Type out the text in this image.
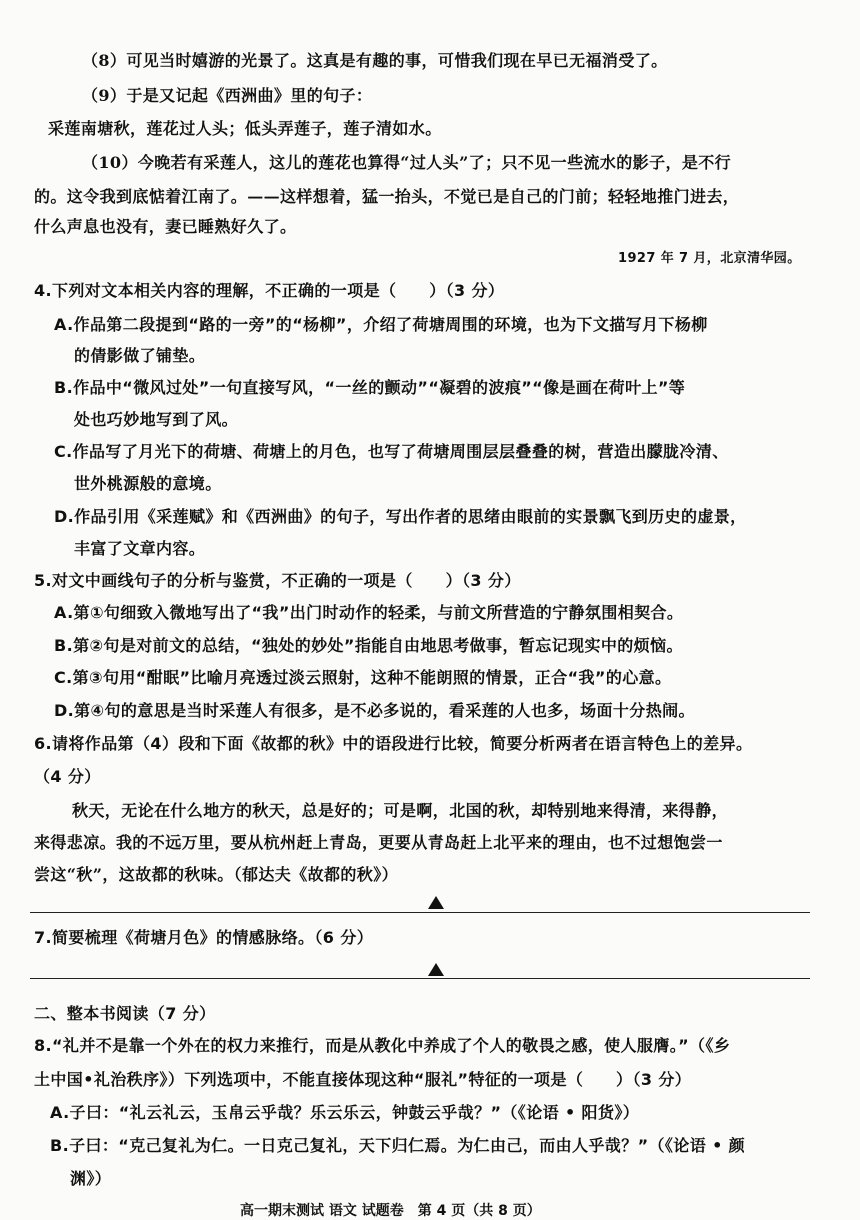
（8）可见当时嬉游的光景了。这真是有趣的事，可惜我们现在早已无福消受了。
（9）于是又记起《西洲曲》里的句子：
采莲南塘秋，莲花过人头；低头弄莲子，莲子清如水。
（10）今晚若有采莲人，这儿的莲花也算得“过人头”了；只不见一些流水的影子，是不行
的。这令我到底惦着江南了。——这样想着，猛一抬头，不觉已是自己的门前；轻轻地推门进去，
什么声息也没有，妻已睡熟好久了。
1927 年 7 月，北京清华园。
4.下列对文本相关内容的理解，不正确的一项是（　　）（3 分）
A.作品第二段提到“路的一旁”的“杨柳”，介绍了荷塘周围的环境，也为下文描写月下杨柳
的倩影做了铺垫。
B.作品中“微风过处”一句直接写风，“一丝的颤动”“凝碧的波痕”“像是画在荷叶上”等
处也巧妙地写到了风。
C.作品写了月光下的荷塘、荷塘上的月色，也写了荷塘周围层层叠叠的树，营造出朦胧冷清、
世外桃源般的意境。
D.作品引用《采莲赋》和《西洲曲》的句子，写出作者的思绪由眼前的实景飘飞到历史的虚景，
丰富了文章内容。
5.对文中画线句子的分析与鉴赏，不正确的一项是（　　）（3 分）
A.第①句细致入微地写出了“我”出门时动作的轻柔，与前文所营造的宁静氛围相契合。
B.第②句是对前文的总结，“独处的妙处”指能自由地思考做事，暂忘记现实中的烦恼。
C.第③句用“酣眠”比喻月亮透过淡云照射，这种不能朗照的情景，正合“我”的心意。
D.第④句的意思是当时采莲人有很多，是不必多说的，看采莲的人也多，场面十分热闹。
6.请将作品第（4）段和下面《故都的秋》中的语段进行比较，简要分析两者在语言特色上的差异。
（4 分）
秋天，无论在什么地方的秋天，总是好的；可是啊，北国的秋，却特别地来得清，来得静，
来得悲凉。我的不远万里，要从杭州赶上青岛，更要从青岛赶上北平来的理由，也不过想饱尝一
尝这“秋”，这故都的秋味。（郁达夫《故都的秋》）
7.简要梳理《荷塘月色》的情感脉络。（6 分）
二、整本书阅读（7 分）
8.“礼并不是靠一个外在的权力来推行，而是从教化中养成了个人的敬畏之感，使人服膺。”（《乡
土中国•礼治秩序》）下列选项中，不能直接体现这种“服礼”特征的一项是（　　）（3 分）
A.子曰：“礼云礼云，玉帛云乎哉？乐云乐云，钟鼓云乎哉？”（《论语 • 阳货》）
B.子曰：“克己复礼为仁。一日克己复礼，天下归仁焉。为仁由己，而由人乎哉？”（《论语 • 颜
渊》）
高一期末测试 语文 试题卷　第 4 页（共 8 页）
